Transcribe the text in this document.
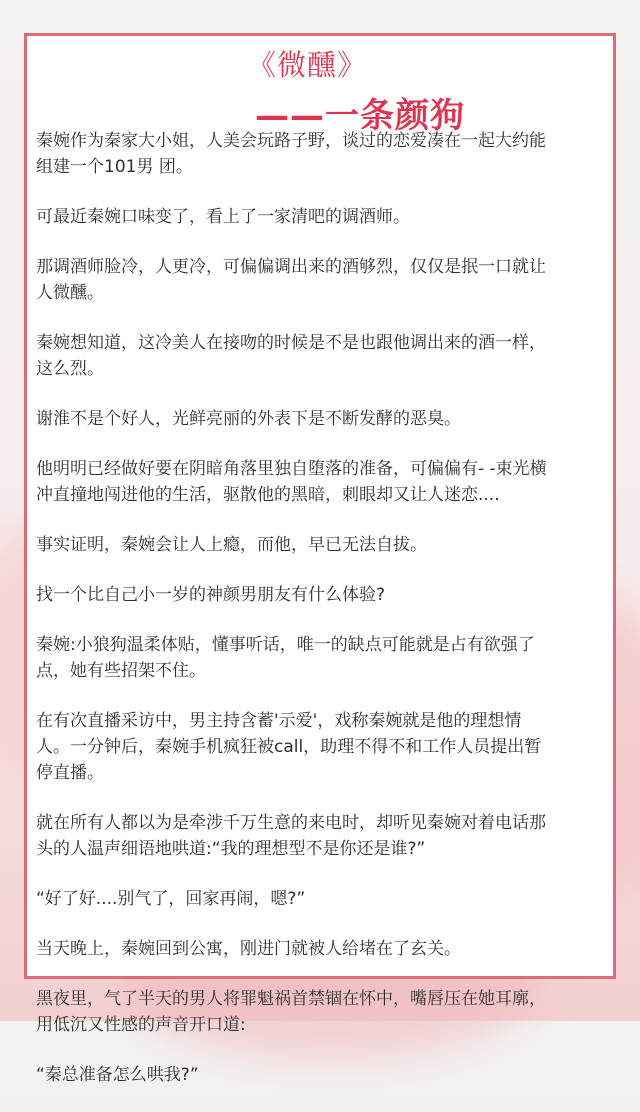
《微醺》
——一条颜狗

秦婉作为秦家大小姐，人美会玩路子野，谈过的恋爱凑在一起大约能
组建一个101男 团。

可最近秦婉口味变了，看上了一家清吧的调酒师。

那调酒师脸冷，人更冷，可偏偏调出来的酒够烈，仅仅是抿一口就让
人微醺。

秦婉想知道，这冷美人在接吻的时候是不是也跟他调出来的酒一样，
这么烈。

谢淮不是个好人，光鲜亮丽的外表下是不断发酵的恶臭。

他明明已经做好要在阴暗角落里独自堕落的准备，可偏偏有- -束光横
冲直撞地闯进他的生活，驱散他的黑暗，刺眼却又让人迷恋....

事实证明，秦婉会让人上瘾，而他，早已无法自拔。

找一个比自己小一岁的神颜男朋友有什么体验?

秦婉:小狼狗温柔体贴，懂事听话，唯一的缺点可能就是占有欲强了
点，她有些招架不住。

在有次直播采访中，男主持含蓄'示爱'，戏称秦婉就是他的理想情
人。一分钟后，秦婉手机疯狂被call，助理不得不和工作人员提出暂
停直播。

就在所有人都以为是牵涉千万生意的来电时，却听见秦婉对着电话那
头的人温声细语地哄道:“我的理想型不是你还是谁?”

“好了好....别气了，回家再闹，嗯?”

当天晚上，秦婉回到公寓，刚进门就被人给堵在了玄关。

黑夜里，气了半天的男人将罪魁祸首禁锢在怀中，嘴唇压在她耳廓，
用低沉又性感的声音开口道:

“秦总准备怎么哄我?”
